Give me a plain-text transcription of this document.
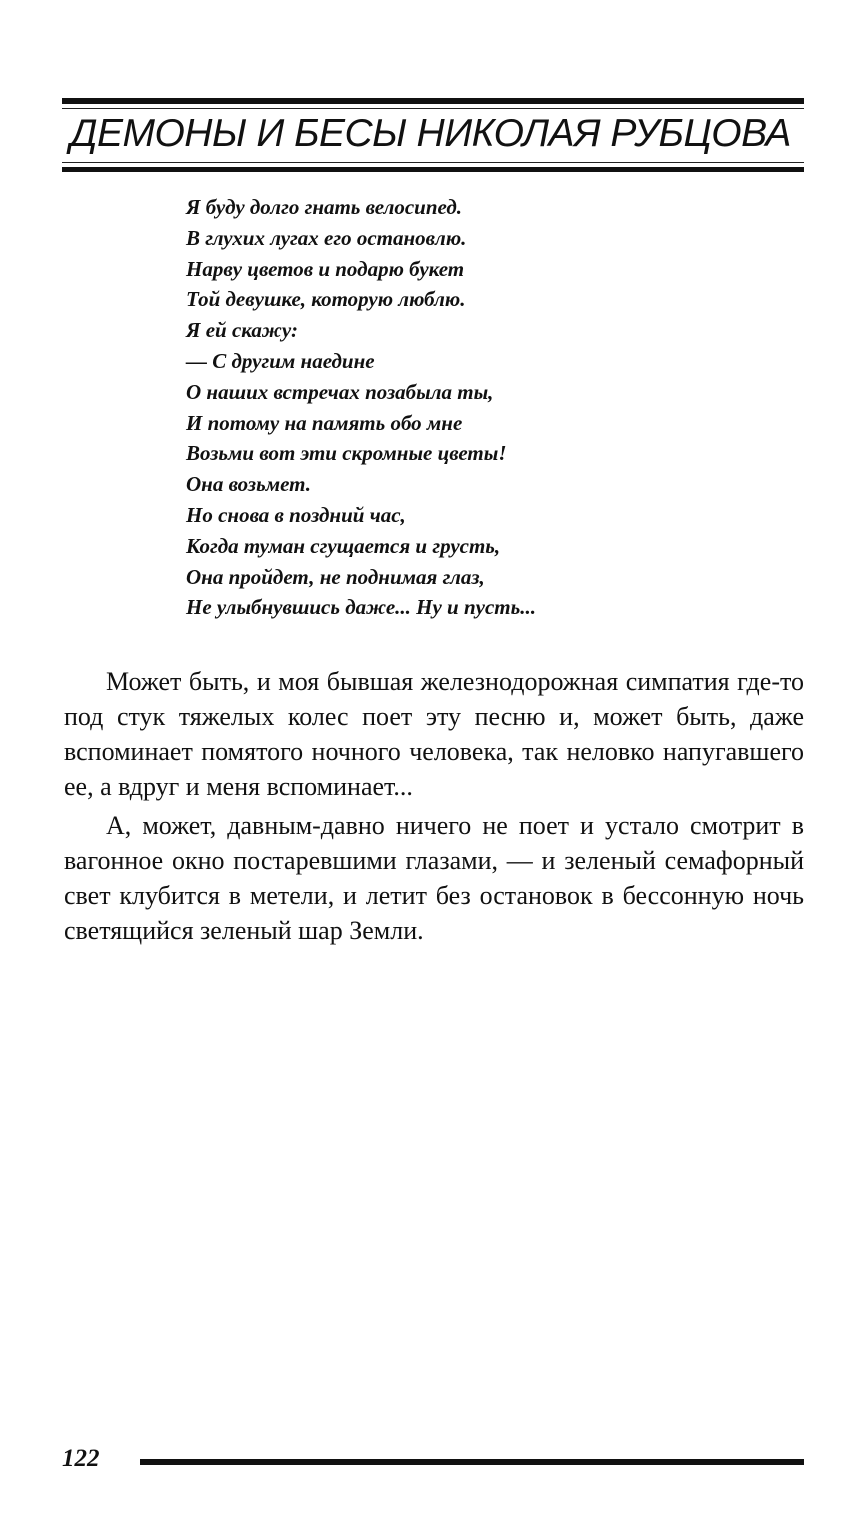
ДЕМОНЫ И БЕСЫ НИКОЛАЯ РУБЦОВА
Я буду долго гнать велосипед.
В глухих лугах его остановлю.
Нарву цветов и подарю букет
Той девушке, которую люблю.
Я ей скажу:
— С другим наедине
О наших встречах позабыла ты,
И потому на память обо мне
Возьми вот эти скромные цветы!
Она возьмет.
Но снова в поздний час,
Когда туман сгущается и грусть,
Она пройдет, не поднимая глаз,
Не улыбнувшись даже... Ну и пусть...

Может быть, и моя бывшая железнодорожная симпатия где-то под стук тяжелых колес поет эту песню и, может быть, даже вспоминает помятого ночного человека, так неловко напугавшего ее, а вдруг и меня вспоминает...

А, может, давным-давно ничего не поет и устало смотрит в вагонное окно постаревшими глазами, — и зеленый семафорный свет клубится в метели, и летит без остановок в бессонную ночь светящийся зеленый шар Земли.

122
